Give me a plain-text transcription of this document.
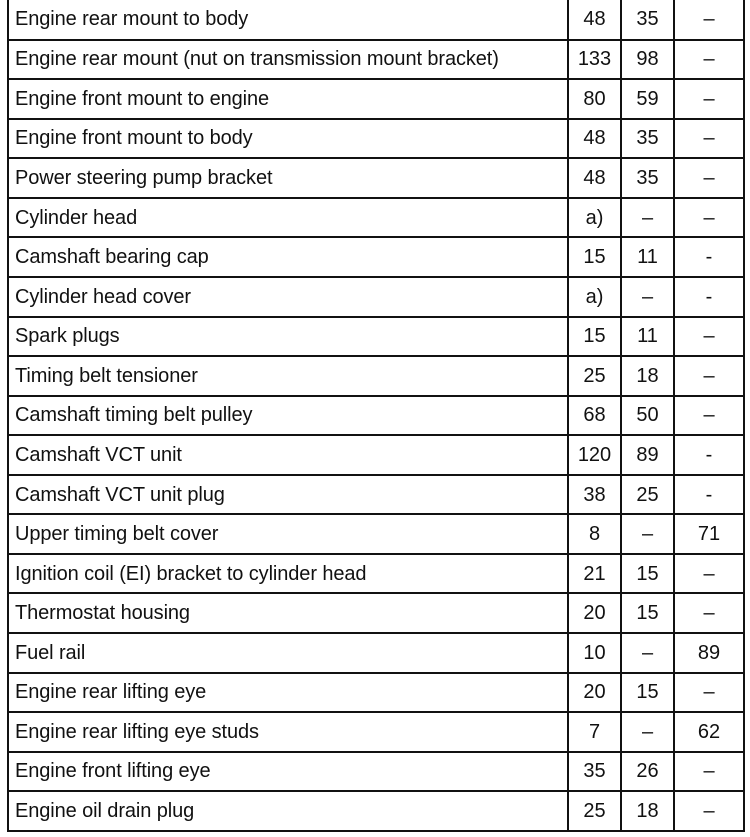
Engine rear mount to body	48	35	–
Engine rear mount (nut on transmission mount bracket)	133	98	–
Engine front mount to engine	80	59	–
Engine front mount to body	48	35	–
Power steering pump bracket	48	35	–
Cylinder head	a)	–	–
Camshaft bearing cap	15	11	-
Cylinder head cover	a)	–	-
Spark plugs	15	11	–
Timing belt tensioner	25	18	–
Camshaft timing belt pulley	68	50	–
Camshaft VCT unit	120	89	-
Camshaft VCT unit plug	38	25	-
Upper timing belt cover	8	–	71
Ignition coil (EI) bracket to cylinder head	21	15	–
Thermostat housing	20	15	–
Fuel rail	10	–	89
Engine rear lifting eye	20	15	–
Engine rear lifting eye studs	7	–	62
Engine front lifting eye	35	26	–
Engine oil drain plug	25	18	–
